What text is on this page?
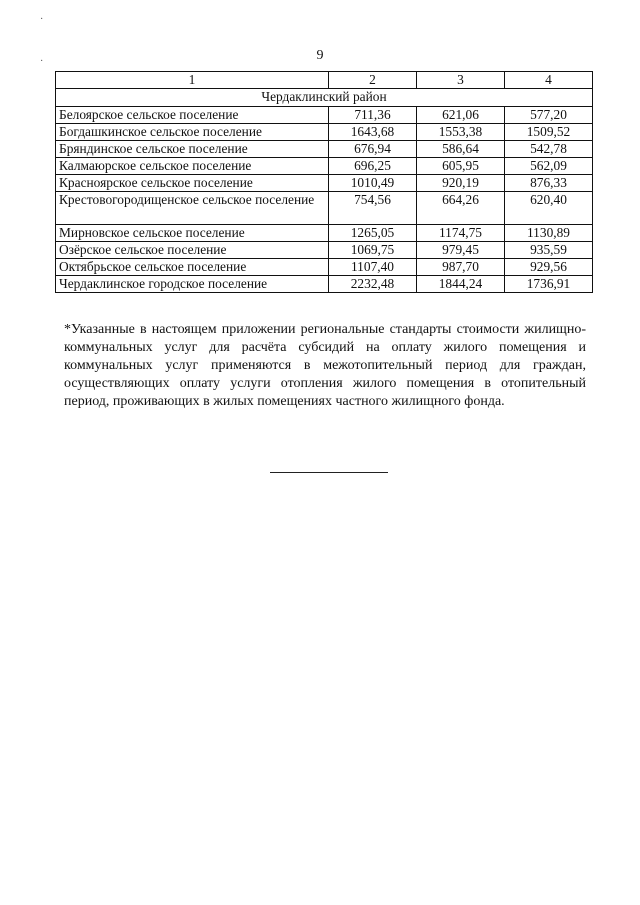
·
·	9
1	2	3	4
Чердаклинский район			
Белоярское сельское поселение	711,36	621,06	577,20
Богдашкинское сельское поселение	1643,68	1553,38	1509,52
Бряндинское сельское поселение	676,94	586,64	542,78
Калмаюрское сельское поселение	696,25	605,95	562,09
Красноярское сельское поселение	1010,49	920,19	876,33
Крестовогородищенское сельское поселение	754,56	664,26	620,40
Мирновское сельское поселение	1265,05	1174,75	1130,89
Озёрское сельское поселение	1069,75	979,45	935,59
Октябрьское сельское поселение	1107,40	987,70	929,56
Чердаклинское городское поселение	2232,48	1844,24	1736,91

*Указанные в настоящем приложении региональные стандарты стоимости жилищно-коммунальных услуг для расчёта субсидий на оплату жилого помещения и коммунальных услуг применяются в межотопительный период для граждан, осуществляющих оплату услуги отопления жилого помещения в отопительный период, проживающих в жилых помещениях частного жилищного фонда.
